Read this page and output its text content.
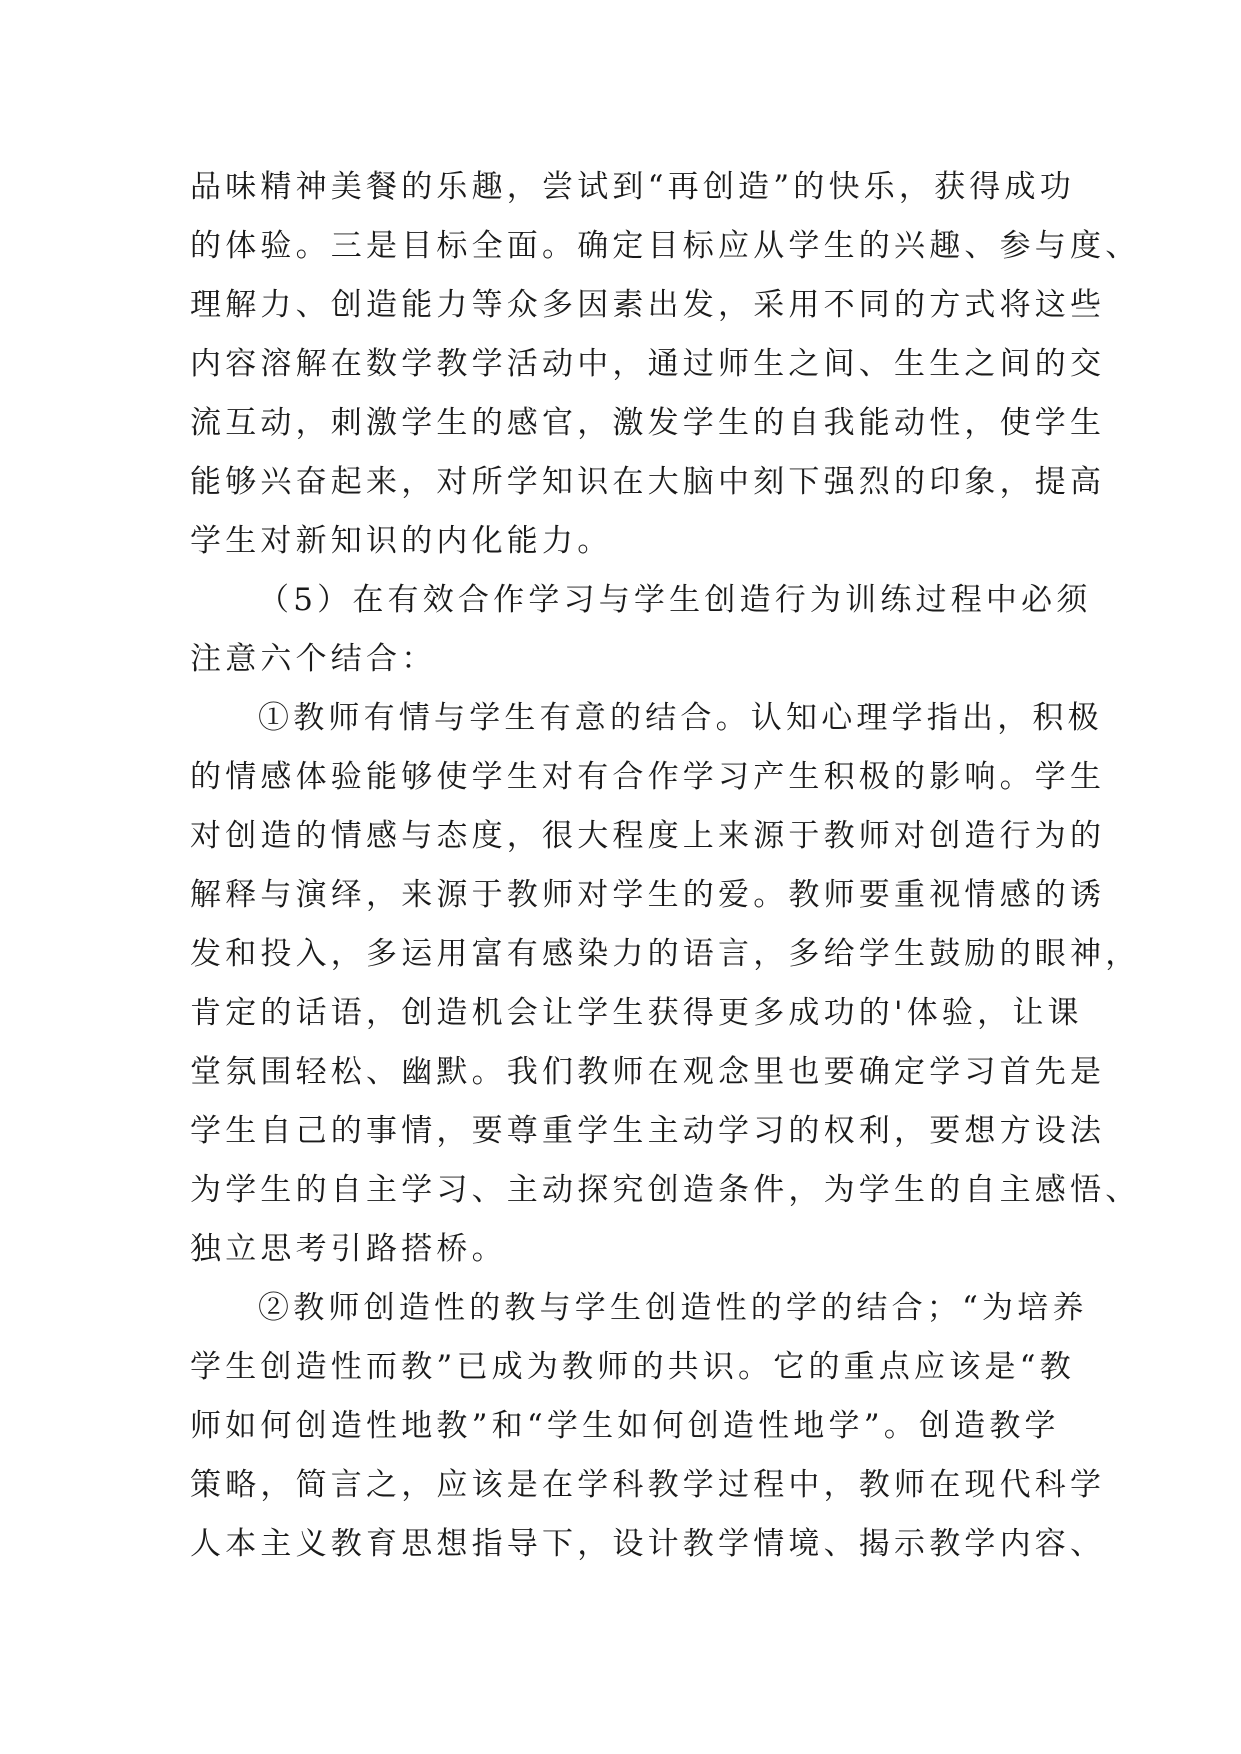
品味精神美餐的乐趣，尝试到“再创造”的快乐，获得成功
的体验。三是目标全面。确定目标应从学生的兴趣、参与度、
理解力、创造能力等众多因素出发，采用不同的方式将这些
内容溶解在数学教学活动中，通过师生之间、生生之间的交
流互动，刺激学生的感官，激发学生的自我能动性，使学生
能够兴奋起来，对所学知识在大脑中刻下强烈的印象，提高
学生对新知识的内化能力。
（5）在有效合作学习与学生创造行为训练过程中必须
注意六个结合：
①教师有情与学生有意的结合。认知心理学指出，积极
的情感体验能够使学生对有合作学习产生积极的影响。学生
对创造的情感与态度，很大程度上来源于教师对创造行为的
解释与演绎，来源于教师对学生的爱。教师要重视情感的诱
发和投入，多运用富有感染力的语言，多给学生鼓励的眼神，
肯定的话语，创造机会让学生获得更多成功的'体验，让课
堂氛围轻松、幽默。我们教师在观念里也要确定学习首先是
学生自己的事情，要尊重学生主动学习的权利，要想方设法
为学生的自主学习、主动探究创造条件，为学生的自主感悟、
独立思考引路搭桥。
②教师创造性的教与学生创造性的学的结合；“为培养
学生创造性而教”已成为教师的共识。它的重点应该是“教
师如何创造性地教”和“学生如何创造性地学”。创造教学
策略，简言之，应该是在学科教学过程中，教师在现代科学
人本主义教育思想指导下，设计教学情境、揭示教学内容、
